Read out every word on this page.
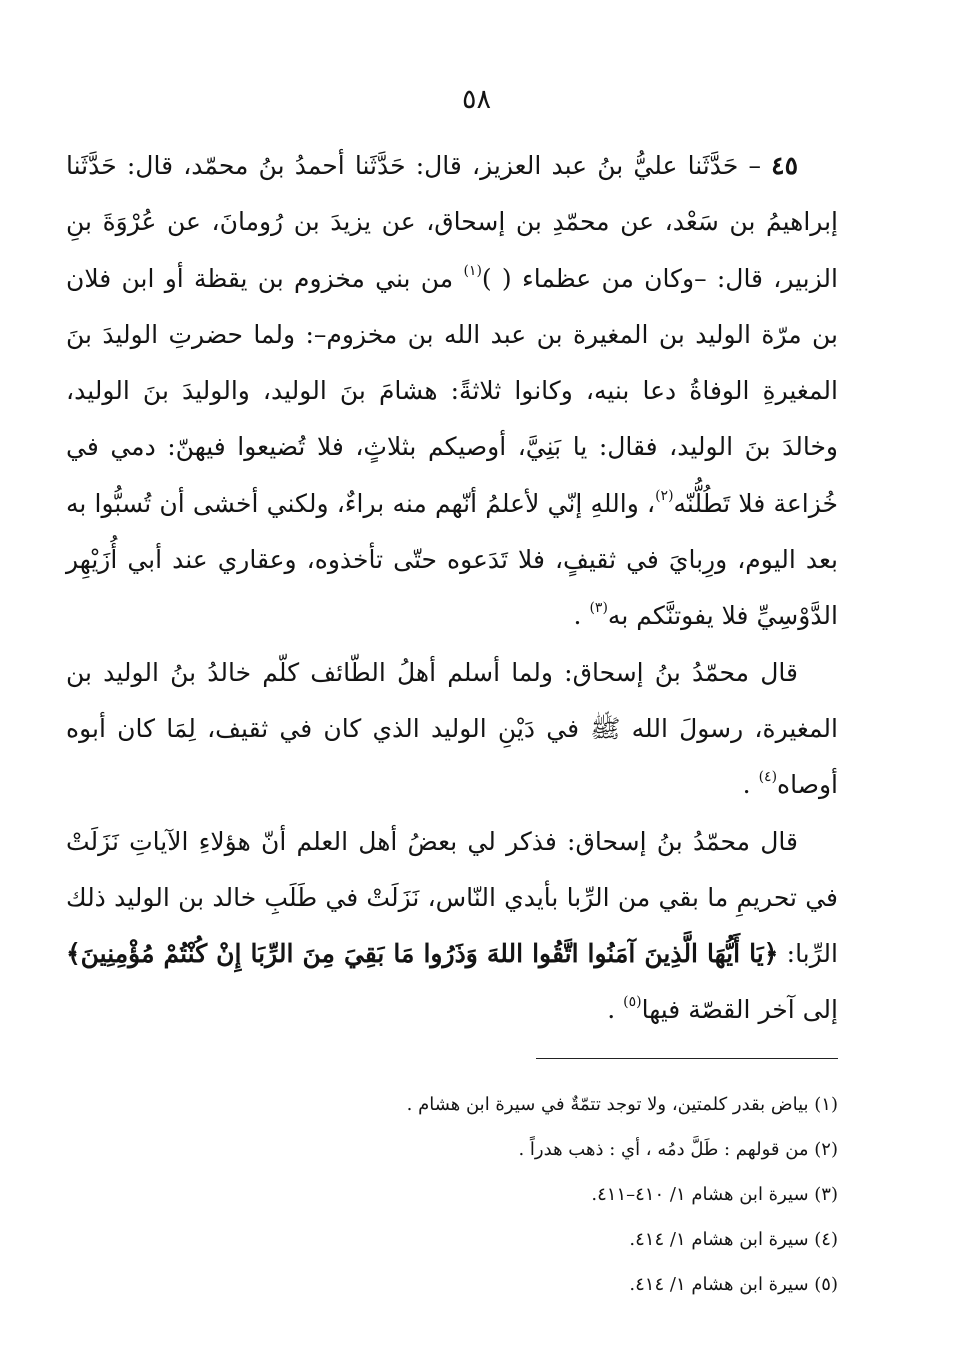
٥٨

٤٥ – حَدَّثَنا عليُّ بنُ عبد العزيز، قال: حَدَّثَنا أحمدُ بنُ محمّد، قال: حَدَّثَنا إبراهيمُ بن سَعْد، عن محمّدِ بن إسحاق، عن يزيدَ بن رُومانَ، عن عُرْوَةَ بنِ الزبير، قال: –وكان من عظماء ( )$^{(١)}$ من بني مخزوم بن يقظة أو ابن فلان بن مرّة الوليد بن المغيرة بن عبد الله بن مخزوم–: ولما حضرتِ الوليدَ بنَ المغيرةِ الوفاةُ دعا بنيه، وكانوا ثلاثةً: هشامَ بنَ الوليد، والوليدَ بنَ الوليد، وخالدَ بنَ الوليد، فقال: يا بَنِيَّ، أوصيكم بثلاثٍ، فلا تُضيعوا فيهنّ: دمي في خُزاعة فلا تَطُلُّنّه$^{(٢)}$، واللهِ إنّي لأعلمُ أنّهم منه براءٌ، ولكني أخشى أن تُسبُّوا به بعد اليوم، ورِبايَ في ثقيفٍ، فلا تَدَعوه حتّى تأخذوه، وعقاري عند أبي أُزَيْهِر الدَّوْسِيِّ فلا يفوتنَّكم به$^{(٣)}$ .

قال محمّدُ بنُ إسحاق: ولما أسلم أهلُ الطّائف كلّم خالدُ بنُ الوليد بن المغيرة، رسولَ الله ﷺ في دَيْنِ الوليد الذي كان في ثقيف، لِمَا كان أبوه أوصاه$^{(٤)}$ .

قال محمّدُ بنُ إسحاق: فذكر لي بعضُ أهل العلم أنّ هؤلاءِ الآياتِ نَزَلَتْ في تحريمِ ما بقي من الرِّبا بأيدي النّاس، نَزَلَتْ في طَلَبِ خالد بن الوليد ذلك الرِّبا: ﴿يَا أَيُّهَا الَّذِينَ آمَنُوا اتَّقُوا اللهَ وَذَرُوا مَا بَقِيَ مِنَ الرِّبَا إِنْ كُنْتُمْ مُؤْمِنِينَ﴾ إلى آخر القصّة فيها$^{(٥)}$ .

(١) بياض بقدر كلمتين، ولا توجد تتمّةٌ في سيرة ابن هشام .
(٢) من قولهم : طَلَّ دمُه ، أي : ذهب هدراً .
(٣) سيرة ابن هشام ١/ ٤١٠–٤١١.
(٤) سيرة ابن هشام ١/ ٤١٤.
(٥) سيرة ابن هشام ١/ ٤١٤.
